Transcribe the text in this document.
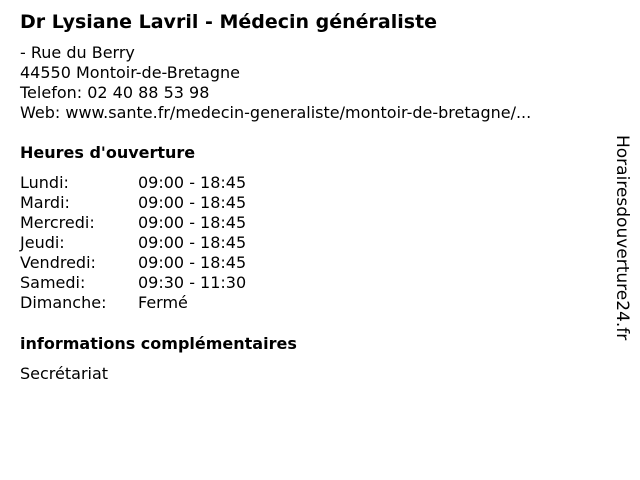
Dr Lysiane Lavril - Médecin généraliste
- Rue du Berry
44550 Montoir-de-Bretagne
Telefon: 02 40 88 53 98
Web: www.sante.fr/medecin-generaliste/montoir-de-bretagne/...
Heures d'ouverture
Lundi:	09:00 - 18:45
Mardi:	09:00 - 18:45
Mercredi:	09:00 - 18:45
Jeudi:	09:00 - 18:45
Vendredi:	09:00 - 18:45
Samedi:	09:30 - 11:30
Dimanche:	Fermé
informations complémentaires
Secrétariat
Horairesdouverture24.fr
